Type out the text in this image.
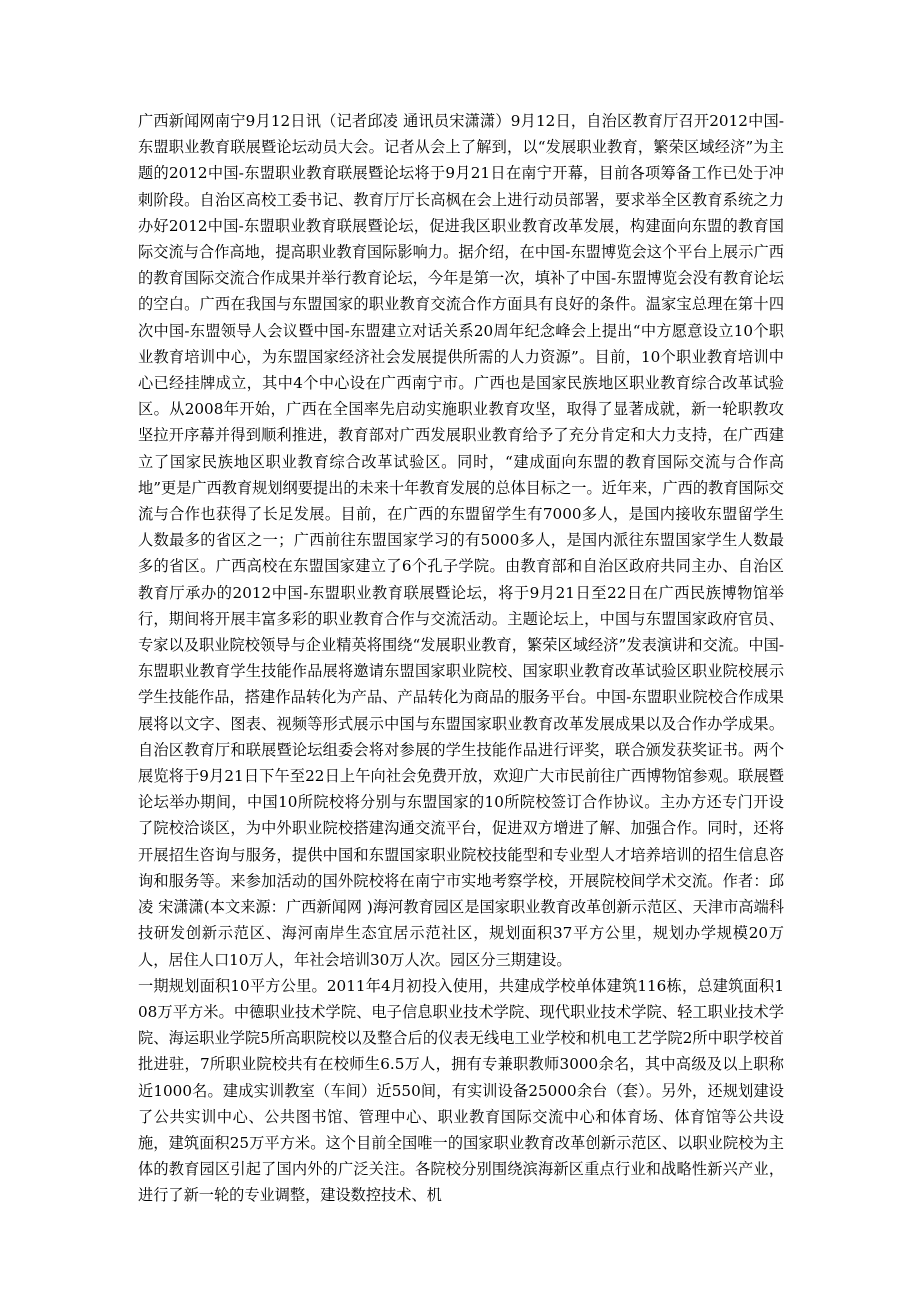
广西新闻网南宁9月12日讯（记者邱凌 通讯员宋潇潇）9月12日，自治区教育厅召开2012中国-东盟职业教育联展暨论坛动员大会。记者从会上了解到，以“发展职业教育，繁荣区域经济”为主题的2012中国-东盟职业教育联展暨论坛将于9月21日在南宁开幕，目前各项筹备工作已处于冲刺阶段。自治区高校工委书记、教育厅厅长高枫在会上进行动员部署，要求举全区教育系统之力办好2012中国-东盟职业教育联展暨论坛，促进我区职业教育改革发展，构建面向东盟的教育国际交流与合作高地，提高职业教育国际影响力。据介绍，在中国-东盟博览会这个平台上展示广西的教育国际交流合作成果并举行教育论坛，今年是第一次，填补了中国-东盟博览会没有教育论坛的空白。广西在我国与东盟国家的职业教育交流合作方面具有良好的条件。温家宝总理在第十四次中国-东盟领导人会议暨中国-东盟建立对话关系20周年纪念峰会上提出“中方愿意设立10个职业教育培训中心，为东盟国家经济社会发展提供所需的人力资源”。目前，10个职业教育培训中心已经挂牌成立，其中4个中心设在广西南宁市。广西也是国家民族地区职业教育综合改革试验区。从2008年开始，广西在全国率先启动实施职业教育攻坚，取得了显著成就，新一轮职教攻坚拉开序幕并得到顺利推进，教育部对广西发展职业教育给予了充分肯定和大力支持，在广西建立了国家民族地区职业教育综合改革试验区。同时，“建成面向东盟的教育国际交流与合作高地”更是广西教育规划纲要提出的未来十年教育发展的总体目标之一。近年来，广西的教育国际交流与合作也获得了长足发展。目前，在广西的东盟留学生有7000多人，是国内接收东盟留学生人数最多的省区之一；广西前往东盟国家学习的有5000多人，是国内派往东盟国家学生人数最多的省区。广西高校在东盟国家建立了6个孔子学院。由教育部和自治区政府共同主办、自治区教育厅承办的2012中国-东盟职业教育联展暨论坛，将于9月21日至22日在广西民族博物馆举行，期间将开展丰富多彩的职业教育合作与交流活动。主题论坛上，中国与东盟国家政府官员、专家以及职业院校领导与企业精英将围绕“发展职业教育，繁荣区域经济”发表演讲和交流。中国-东盟职业教育学生技能作品展将邀请东盟国家职业院校、国家职业教育改革试验区职业院校展示学生技能作品，搭建作品转化为产品、产品转化为商品的服务平台。中国-东盟职业院校合作成果展将以文字、图表、视频等形式展示中国与东盟国家职业教育改革发展成果以及合作办学成果。自治区教育厅和联展暨论坛组委会将对参展的学生技能作品进行评奖，联合颁发获奖证书。两个展览将于9月21日下午至22日上午向社会免费开放，欢迎广大市民前往广西博物馆参观。联展暨论坛举办期间，中国10所院校将分别与东盟国家的10所院校签订合作协议。主办方还专门开设了院校洽谈区，为中外职业院校搭建沟通交流平台，促进双方增进了解、加强合作。同时，还将开展招生咨询与服务，提供中国和东盟国家职业院校技能型和专业型人才培养培训的招生信息咨询和服务等。来参加活动的国外院校将在南宁市实地考察学校，开展院校间学术交流。作者：邱凌 宋潇潇(本文来源：广西新闻网 )海河教育园区是国家职业教育改革创新示范区、天津市高端科技研发创新示范区、海河南岸生态宜居示范社区，规划面积37平方公里，规划办学规模20万人，居住人口10万人，年社会培训30万人次。园区分三期建设。

一期规划面积10平方公里。2011年4月初投入使用，共建成学校单体建筑116栋，总建筑面积108万平方米。中德职业技术学院、电子信息职业技术学院、现代职业技术学院、轻工职业技术学院、海运职业学院5所高职院校以及整合后的仪表无线电工业学校和机电工艺学院2所中职学校首批进驻，7所职业院校共有在校师生6.5万人，拥有专兼职教师3000余名，其中高级及以上职称近1000名。建成实训教室（车间）近550间，有实训设备25000余台（套）。另外，还规划建设了公共实训中心、公共图书馆、管理中心、职业教育国际交流中心和体育场、体育馆等公共设施，建筑面积25万平方米。这个目前全国唯一的国家职业教育改革创新示范区、以职业院校为主体的教育园区引起了国内外的广泛关注。各院校分别围绕滨海新区重点行业和战略性新兴产业，进行了新一轮的专业调整，建设数控技术、机
